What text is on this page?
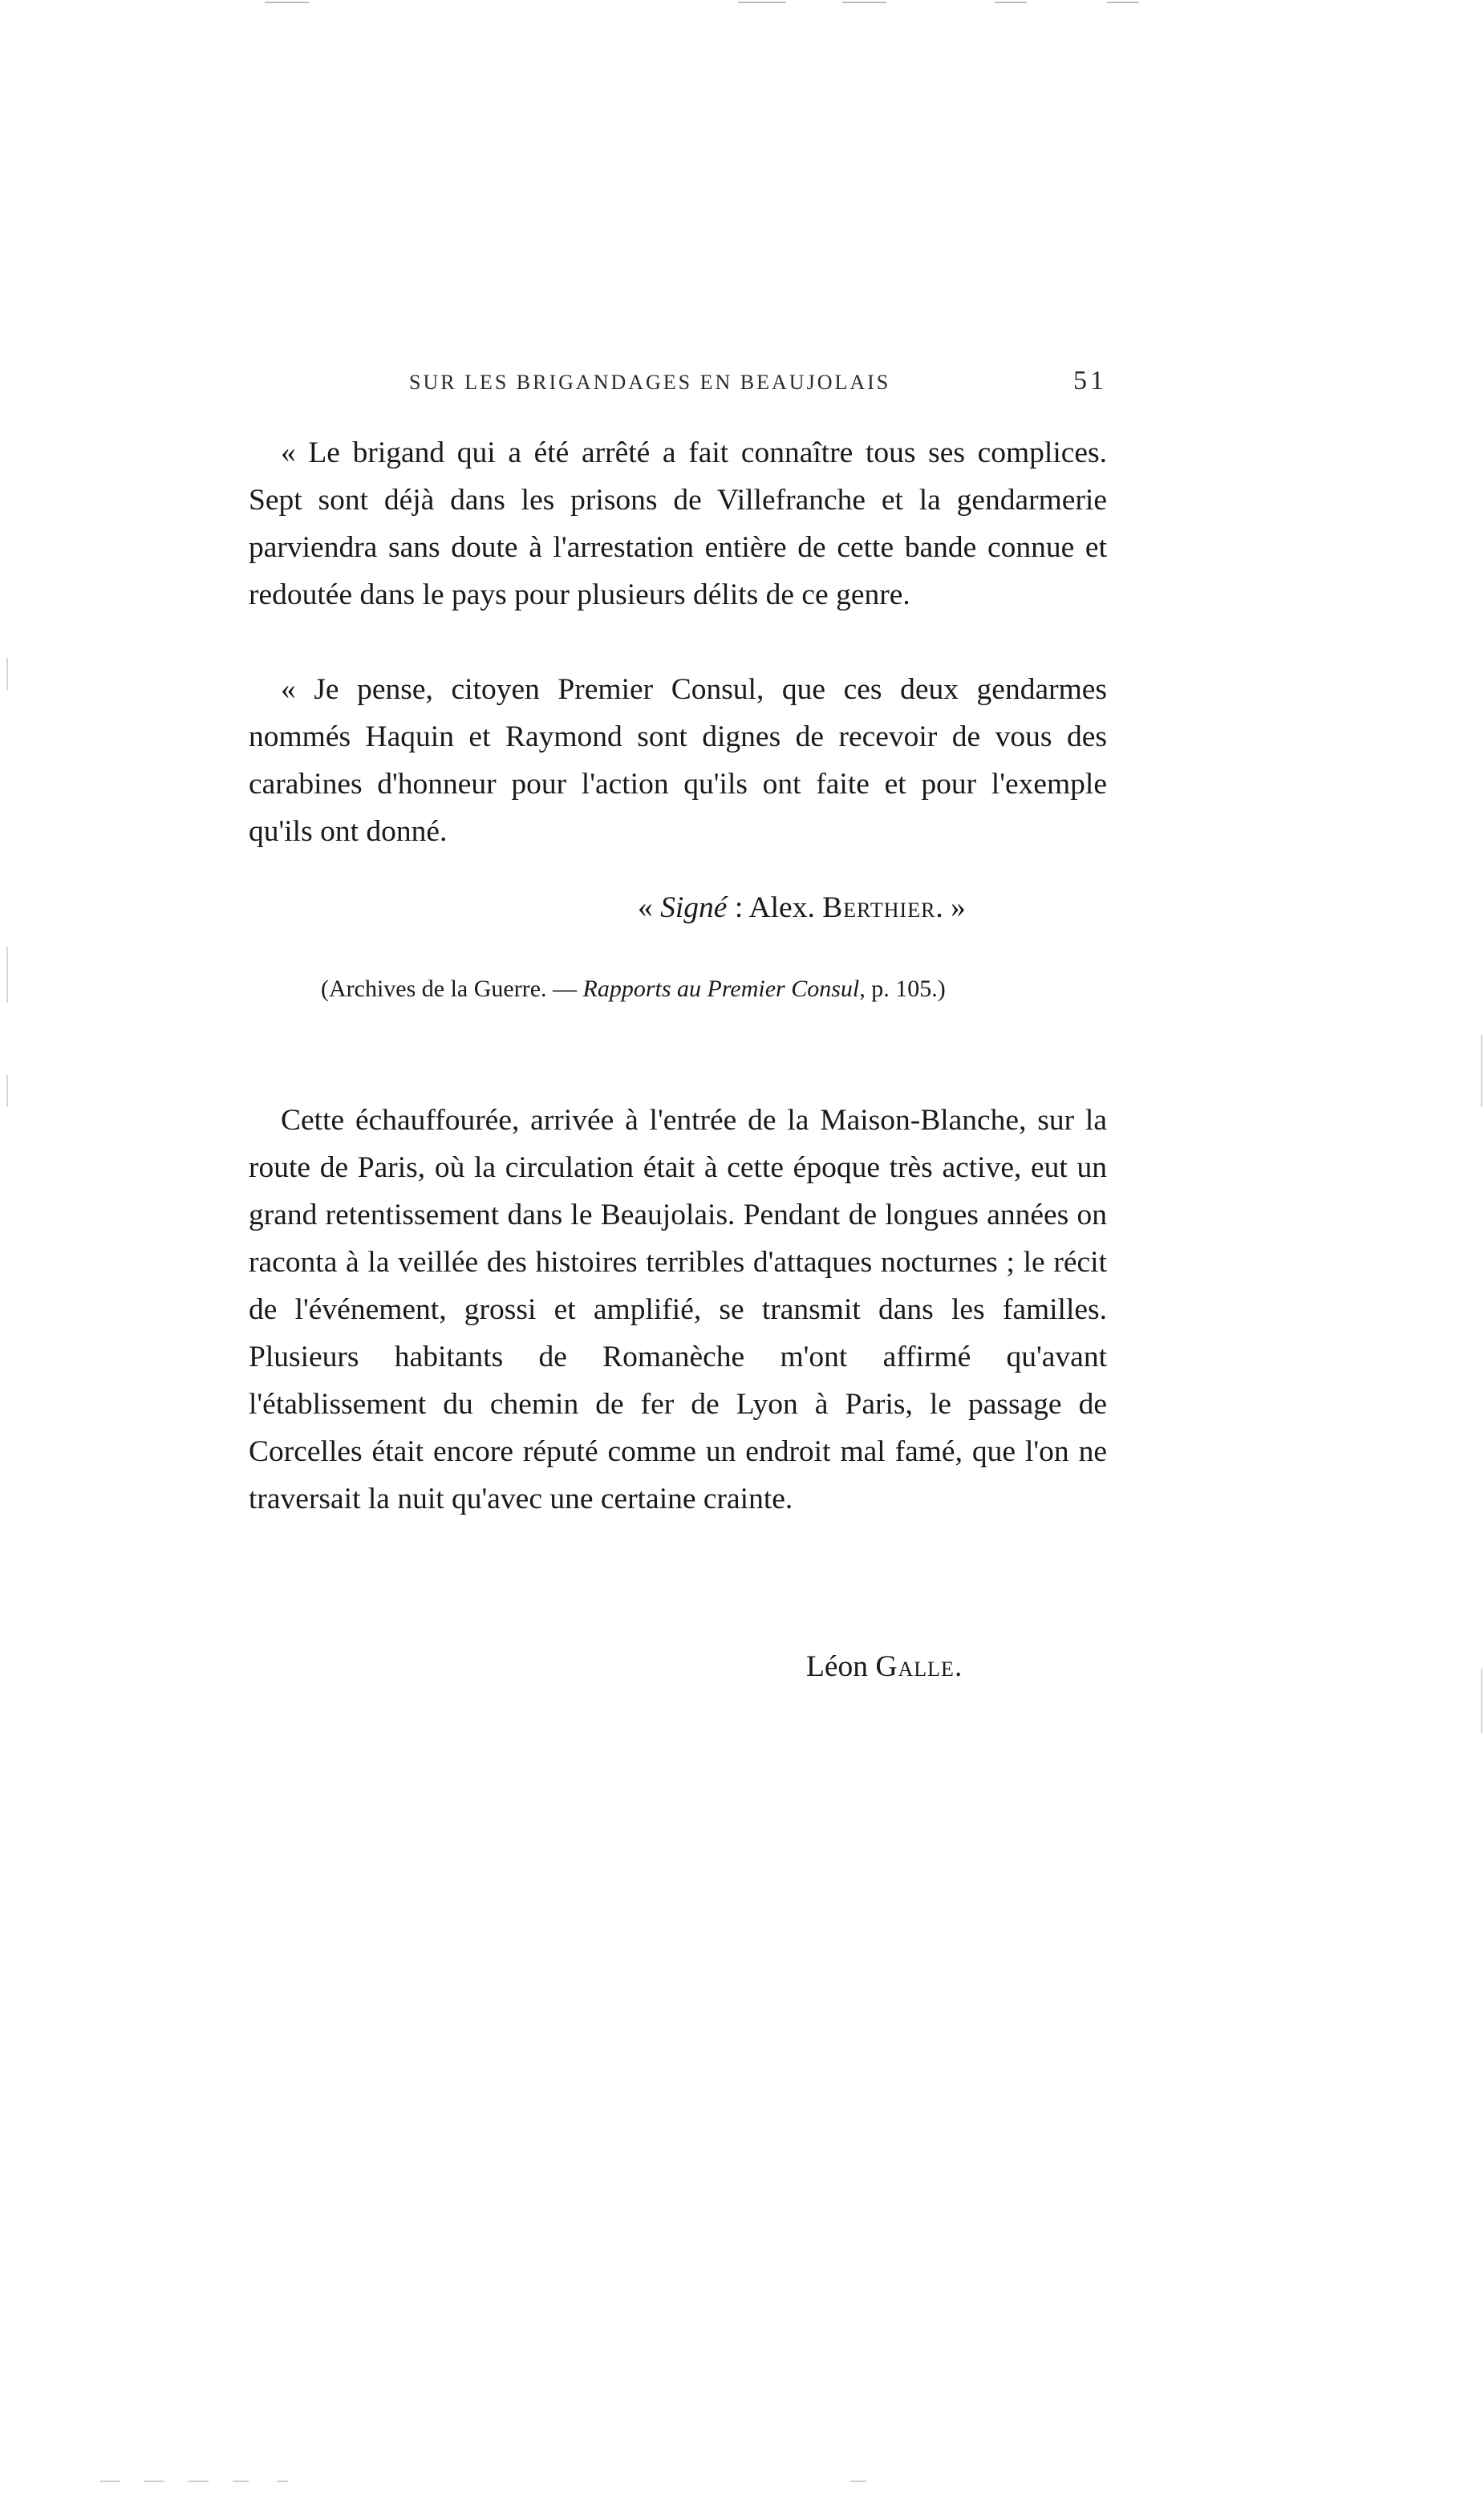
SUR LES BRIGANDAGES EN BEAUJOLAIS	51

« Le brigand qui a été arrêté a fait connaître tous ses complices. Sept sont déjà dans les prisons de Villefranche et la gendarmerie parviendra sans doute à l'arrestation entière de cette bande connue et redoutée dans le pays pour plusieurs délits de ce genre.

« Je pense, citoyen Premier Consul, que ces deux gendarmes nommés Haquin et Raymond sont dignes de recevoir de vous des carabines d'honneur pour l'action qu'ils ont faite et pour l'exemple qu'ils ont donné.

« Signé : Alex. Berthier. »
(Archives de la Guerre. — Rapports au Premier Consul, p. 105.)

Cette échauffourée, arrivée à l'entrée de la Maison-Blanche, sur la route de Paris, où la circulation était à cette époque très active, eut un grand retentissement dans le Beaujolais. Pendant de longues années on raconta à la veillée des histoires terribles d'attaques nocturnes ; le récit de l'événement, grossi et amplifié, se transmit dans les familles. Plusieurs habitants de Romanèche m'ont affirmé qu'avant l'établissement du chemin de fer de Lyon à Paris, le passage de Corcelles était encore réputé comme un endroit mal famé, que l'on ne traversait la nuit qu'avec une certaine crainte.

Léon Galle.
